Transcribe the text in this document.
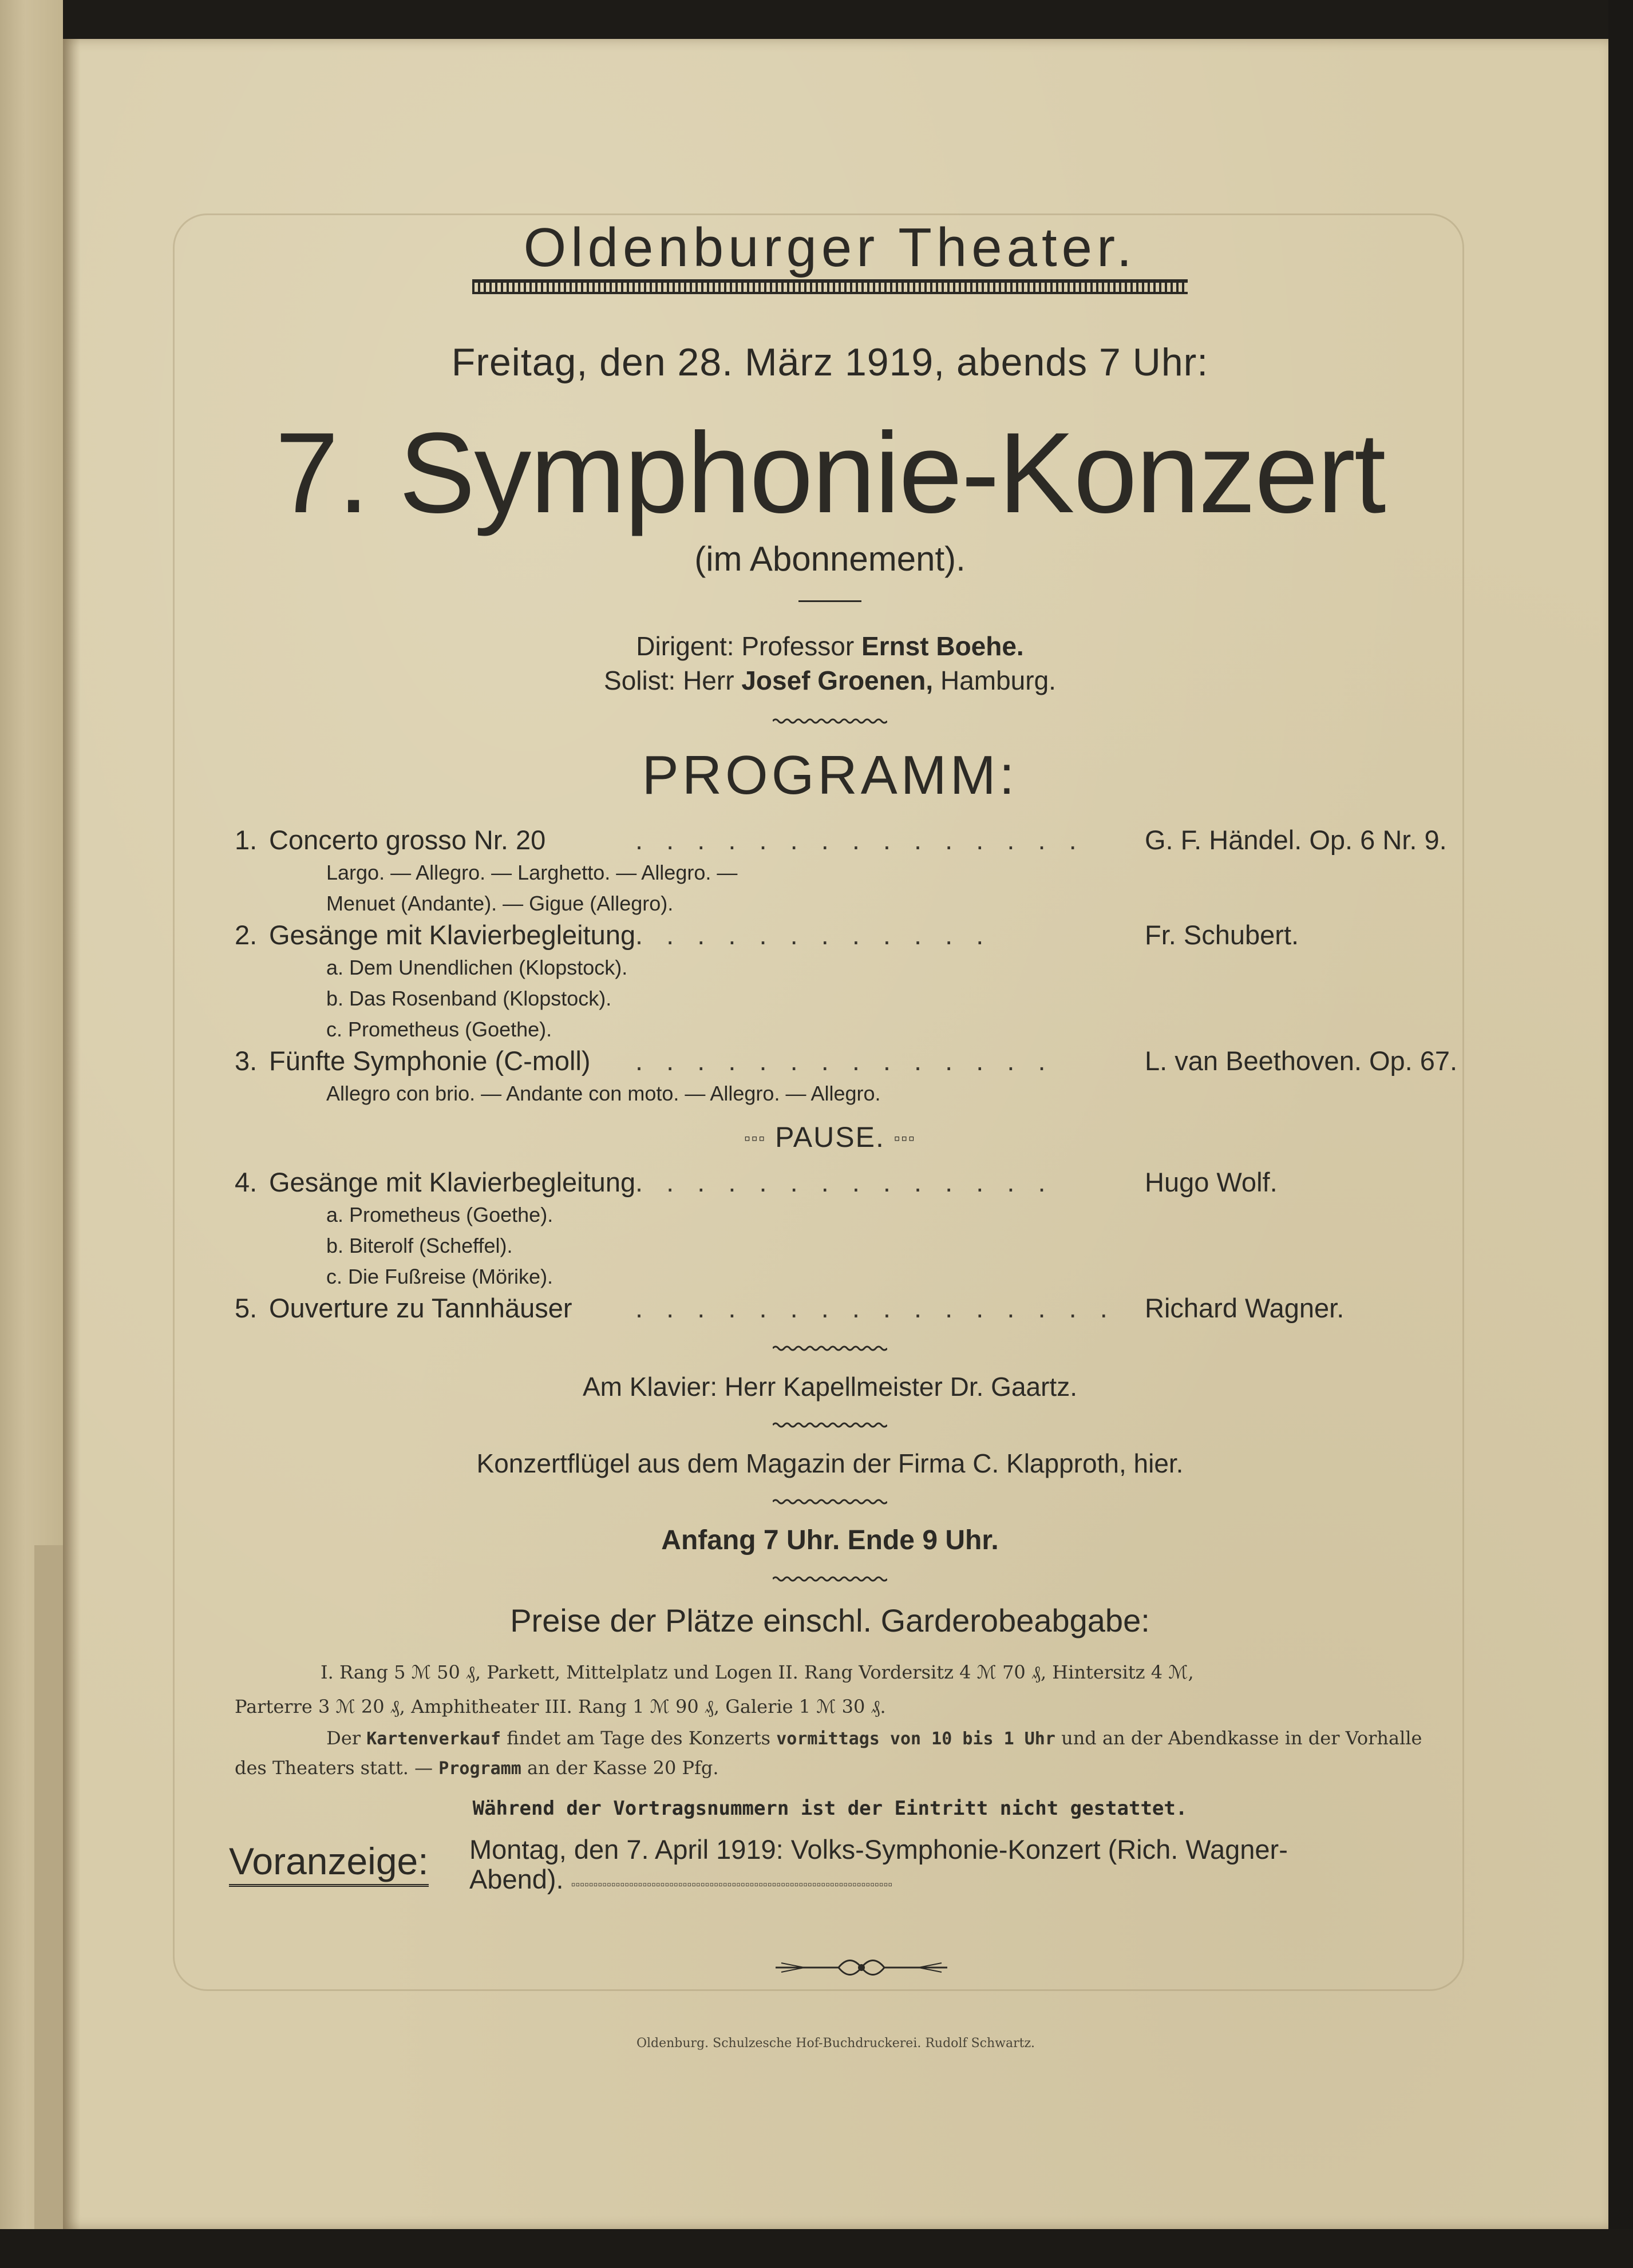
Oldenburger Theater.
Freitag, den 28. März 1919, abends 7 Uhr:
7. Symphonie-Konzert
(im Abonnement).
Dirigent: Professor Ernst Boehe.
Solist: Herr Josef Groenen, Hamburg.
PROGRAMM:
1. Concerto grosso Nr. 20	. . . . . . . . . . . . . . .	G. F. Händel. Op. 6 Nr. 9.
Largo. — Allegro. — Larghetto. — Allegro. —
Menuet (Andante). — Gigue (Allegro).
2. Gesänge mit Klavierbegleitung . . . . . . . . . . . .	Fr. Schubert.
a. Dem Unendlichen (Klopstock).
b. Das Rosenband (Klopstock).
c. Prometheus (Goethe).
3. Fünfte Symphonie (C-moll) . . . . . . . . . . . . . .	L. van Beethoven. Op. 67.
Allegro con brio. — Andante con moto. — Allegro. — Allegro.
▫▫▫ PAUSE. ▫▫▫
4. Gesänge mit Klavierbegleitung . . . . . . . . . . . . . .	Hugo Wolf.
a. Prometheus (Goethe).
b. Biterolf (Scheffel).
c. Die Fußreise (Mörike).
5. Ouverture zu Tannhäuser . . . . . . . . . . . . . . . .	Richard Wagner.
Am Klavier: Herr Kapellmeister Dr. Gaartz.
Konzertflügel aus dem Magazin der Firma C. Klapproth, hier.
Anfang 7 Uhr. Ende 9 Uhr.
Preise der Plätze einschl. Garderobeabgabe:
I. Rang 5 ℳ 50 ₰, Parkett, Mittelplatz und Logen II. Rang Vordersitz 4 ℳ 70 ₰, Hintersitz 4 ℳ,
Parterre 3 ℳ 20 ₰, Amphitheater III. Rang 1 ℳ 90 ₰, Galerie 1 ℳ 30 ₰.
Der Kartenverkauf findet am Tage des Konzerts vormittags von 10 bis 1 Uhr und an der Abendkasse in der Vorhalle des Theaters statt. — Programm an der Kasse 20 Pfg.
Während der Vortragsnummern ist der Eintritt nicht gestattet.
Voranzeige: Montag, den 7. April 1919: Volks-Symphonie-Konzert (Rich. Wagner-
Abend). ▫▫▫▫▫▫▫▫▫▫▫▫▫▫▫▫▫▫▫▫▫▫▫▫▫▫▫▫▫▫▫▫▫▫▫▫▫▫▫▫▫▫▫▫▫▫▫▫▫▫▫▫▫▫▫▫▫▫▫▫▫▫▫▫▫▫▫▫▫▫▫▫
Oldenburg. Schulzesche Hof-Buchdruckerei. Rudolf Schwartz.
